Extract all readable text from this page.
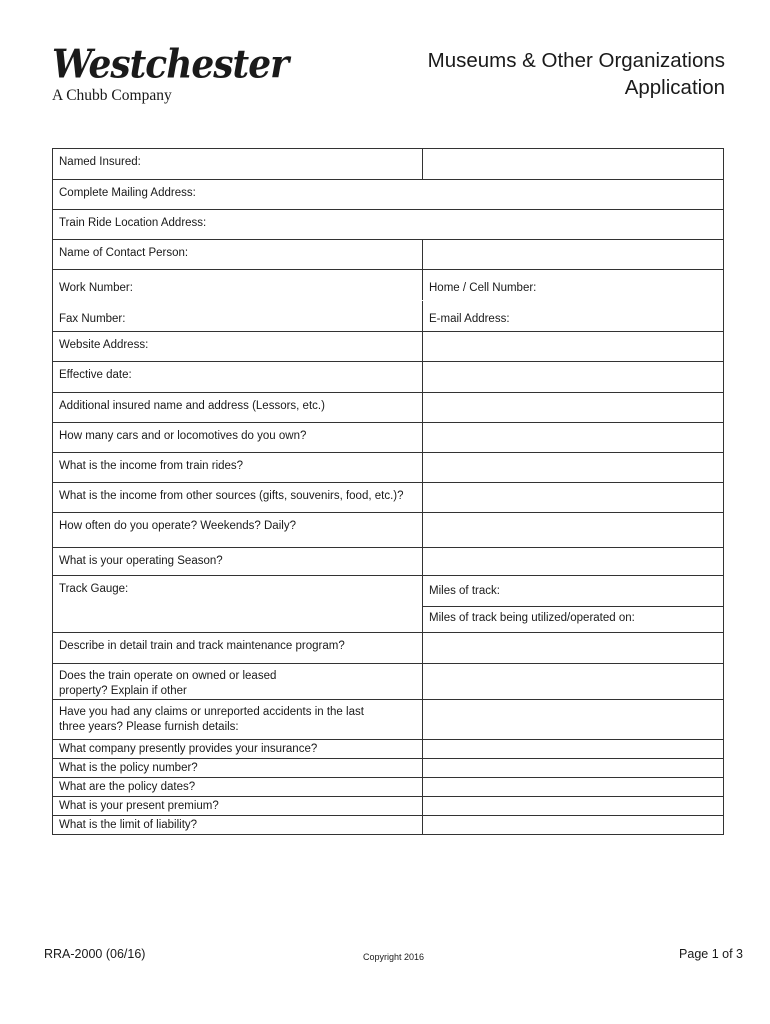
Westchester
A Chubb Company
Museums & Other Organizations
Application
Named Insured:
Complete Mailing Address:
Train Ride Location Address:
Name of Contact Person:
Work Number:	Home / Cell Number:
Fax Number:	E-mail Address:
Website Address:
Effective date:
Additional insured name and address (Lessors, etc.)
How many cars and or locomotives do you own?
What is the income from train rides?
What is the income from other sources (gifts, souvenirs, food, etc.)?
How often do you operate? Weekends? Daily?
What is your operating Season?
Track Gauge:	Miles of track:
Miles of track being utilized/operated on:
Describe in detail train and track maintenance program?
Does the train operate on owned or leased
property? Explain if other
Have you had any claims or unreported accidents in the last
three years? Please furnish details:
What company presently provides your insurance?
What is the policy number?
What are the policy dates?
What is your present premium?
What is the limit of liability?
RRA-2000 (06/16)	Copyright 2016	Page 1 of 3
